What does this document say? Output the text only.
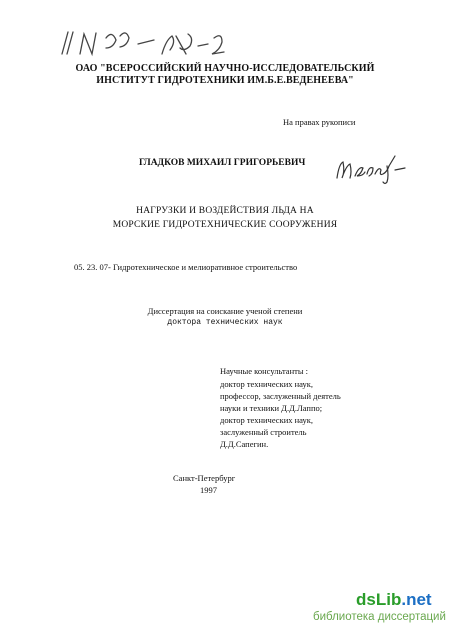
ОАО "ВСЕРОССИЙСКИЙ НАУЧНО-ИССЛЕДОВАТЕЛЬСКИЙ
ИНСТИТУТ ГИДРОТЕХНИКИ ИМ.Б.Е.ВЕДЕНЕЕВА"
На правах рукописи
ГЛАДКОВ МИХАИЛ ГРИГОРЬЕВИЧ
НАГРУЗКИ И ВОЗДЕЙСТВИЯ ЛЬДА НА
МОРСКИЕ ГИДРОТЕХНИЧЕСКИЕ СООРУЖЕНИЯ
05. 23. 07- Гидротехническое и мелиоративное строительство
Диссертация на соискание ученой степени
доктора технических наук
Научные консультанты :
доктор технических наук,
профессор, заслуженный деятель
науки и техники Д.Д.Лаппо;
доктор технических наук,
заслуженный строитель
Д.Д.Сапегин.
Санкт-Петербург
1997
dsLib.net
библиотека диссертаций
